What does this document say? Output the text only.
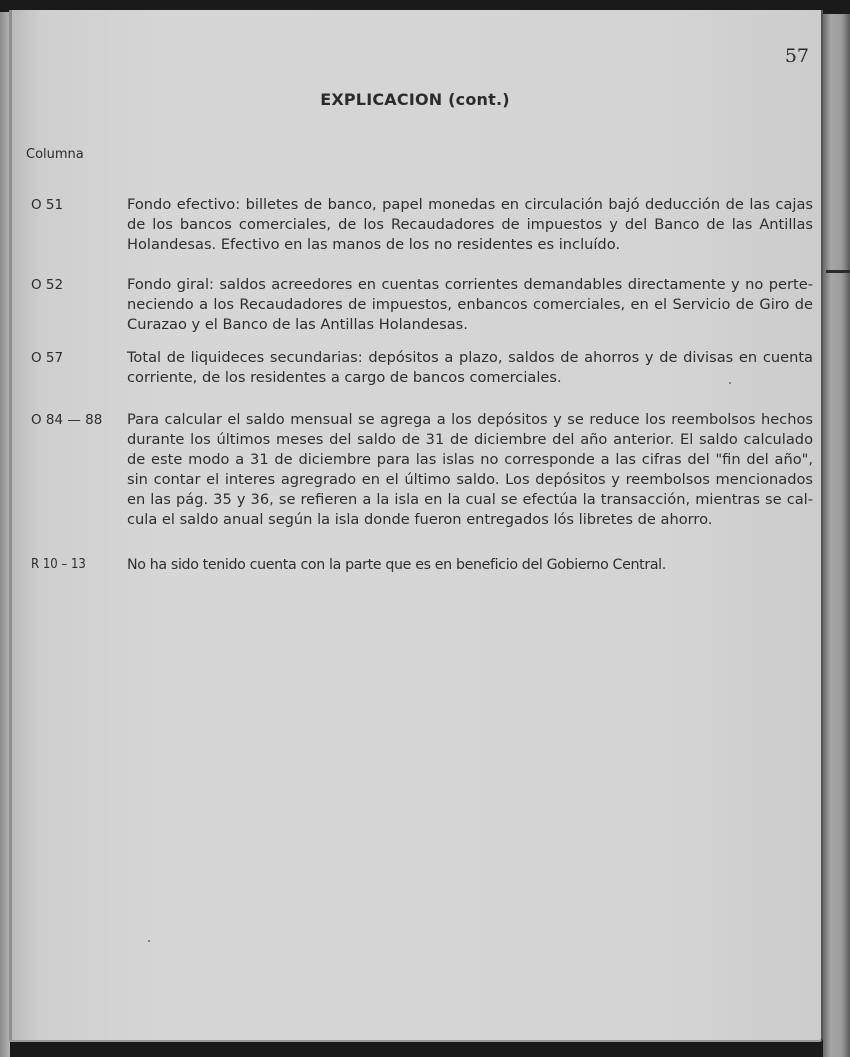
57
EXPLICACION (cont.)
Columna
O 51	Fondo efectivo: billetes de banco, papel monedas en circulación bajó deducción de las cajas
de los bancos comerciales, de los Recaudadores de impuestos y del Banco de las Antillas
Holandesas. Efectivo en las manos de los no residentes es incluído.
O 52	Fondo giral: saldos acreedores en cuentas corrientes demandables directamente y no perte-
neciendo a los Recaudadores de impuestos, enbancos comerciales, en el Servicio de Giro de
Curazao y el Banco de las Antillas Holandesas.
O 57	Total de liquideces secundarias: depósitos a plazo, saldos de ahorros y de divisas en cuenta
corriente, de los residentes a cargo de bancos comerciales.
O 84 — 88 Para calcular el saldo mensual se agrega a los depósitos y se reduce los reembolsos hechos
durante los últimos meses del saldo de 31 de diciembre del año anterior. El saldo calculado
de este modo a 31 de diciembre para las islas no corresponde a las cifras del "fin del año",
sin contar el interes agregrado en el último saldo. Los depósitos y reembolsos mencionados
en las pág. 35 y 36, se refieren a la isla en la cual se efectúa la transacción, mientras se cal-
cula el saldo anual según la isla donde fueron entregados lós libretes de ahorro.
R 10 – 13	No ha sido tenido cuenta con la parte que es en beneficio del Gobierno Central.
